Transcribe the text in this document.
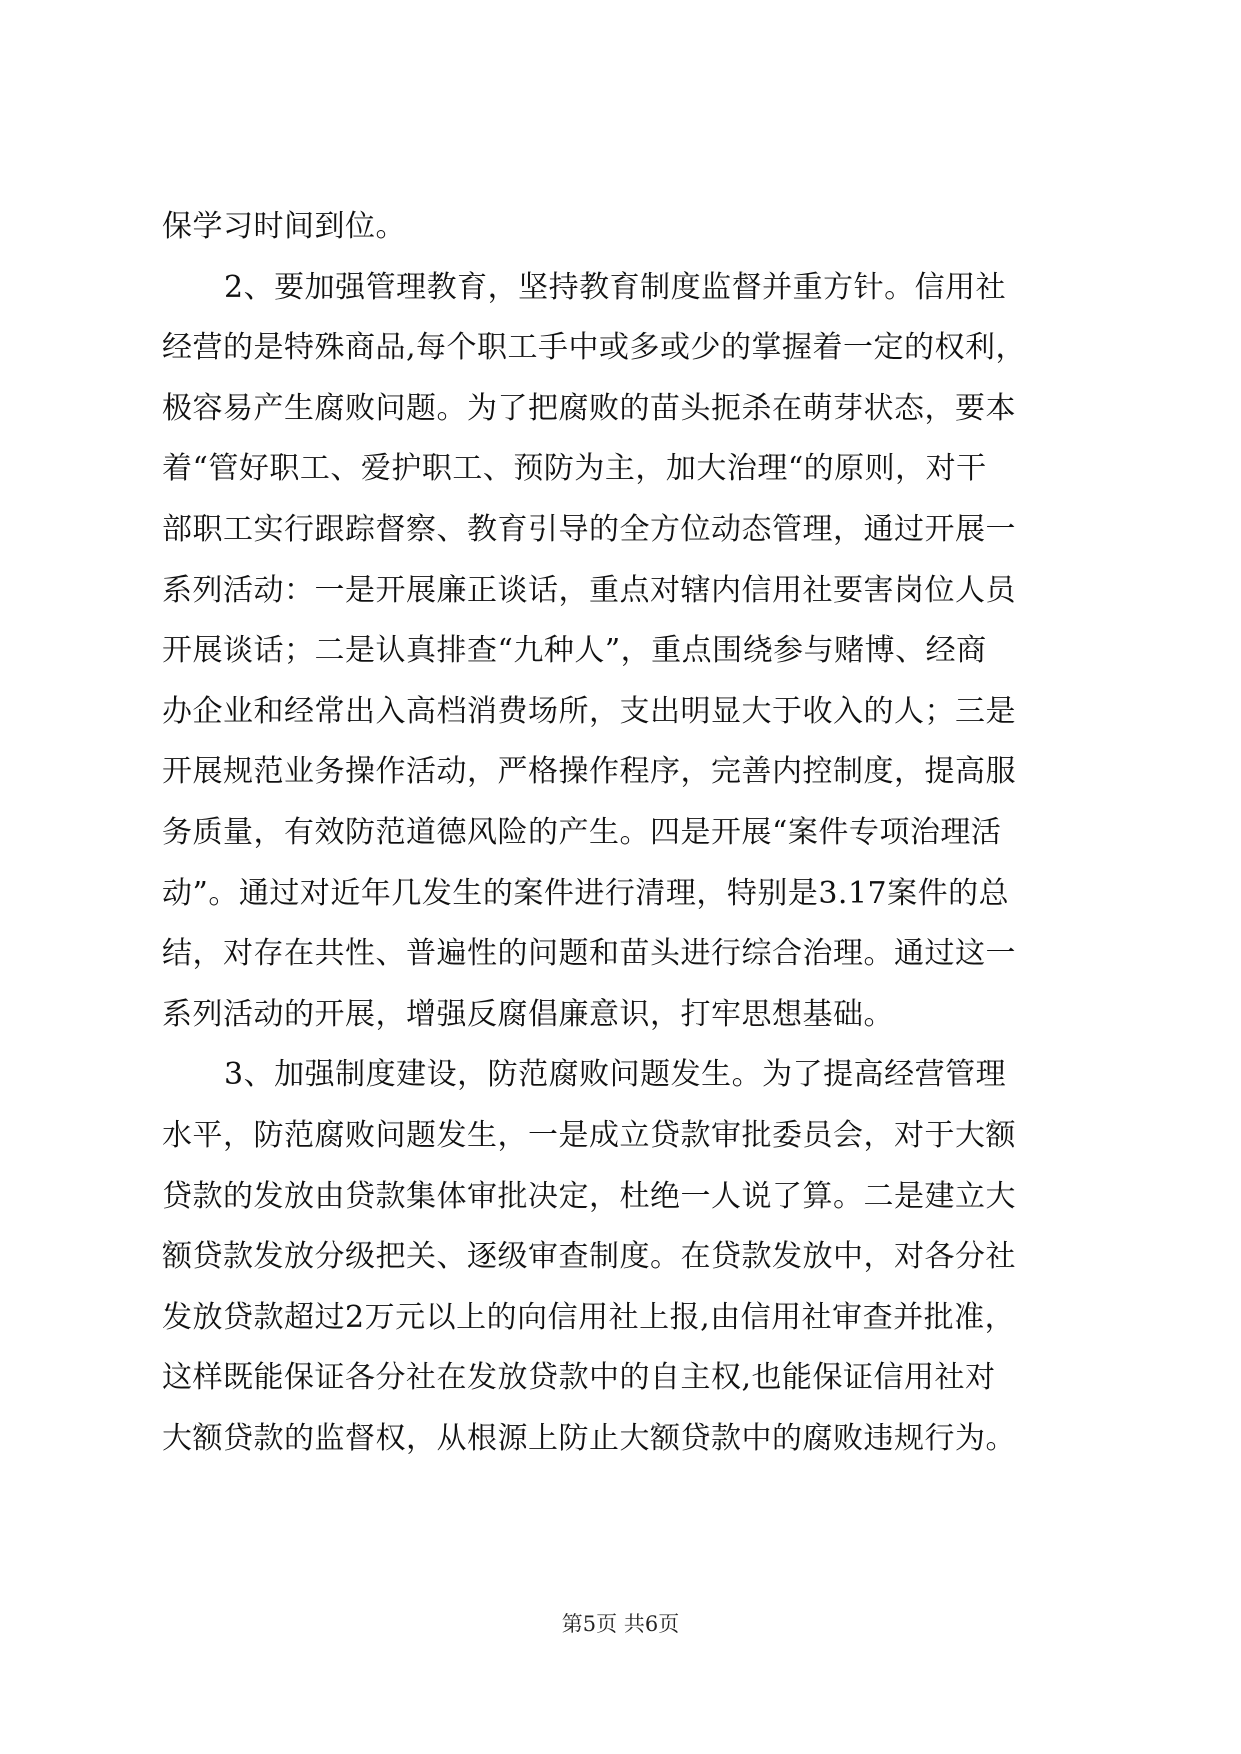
保学习时间到位。
2、要加强管理教育，坚持教育制度监督并重方针。信用社
经营的是特殊商品,每个职工手中或多或少的掌握着一定的权利，
极容易产生腐败问题。为了把腐败的苗头扼杀在萌芽状态，要本
着“管好职工、爱护职工、预防为主，加大治理“的原则，对干
部职工实行跟踪督察、教育引导的全方位动态管理，通过开展一
系列活动：一是开展廉正谈话，重点对辖内信用社要害岗位人员
开展谈话；二是认真排查“九种人”，重点围绕参与赌博、经商
办企业和经常出入高档消费场所，支出明显大于收入的人；三是
开展规范业务操作活动，严格操作程序，完善内控制度，提高服
务质量，有效防范道德风险的产生。四是开展“案件专项治理活
动”。通过对近年几发生的案件进行清理，特别是3.17案件的总
结，对存在共性、普遍性的问题和苗头进行综合治理。通过这一
系列活动的开展，增强反腐倡廉意识，打牢思想基础。
3、加强制度建设，防范腐败问题发生。为了提高经营管理
水平，防范腐败问题发生，一是成立贷款审批委员会，对于大额
贷款的发放由贷款集体审批决定，杜绝一人说了算。二是建立大
额贷款发放分级把关、逐级审查制度。在贷款发放中，对各分社
发放贷款超过2万元以上的向信用社上报,由信用社审查并批准，
这样既能保证各分社在发放贷款中的自主权,也能保证信用社对
大额贷款的监督权，从根源上防止大额贷款中的腐败违规行为。
第5页 共6页
